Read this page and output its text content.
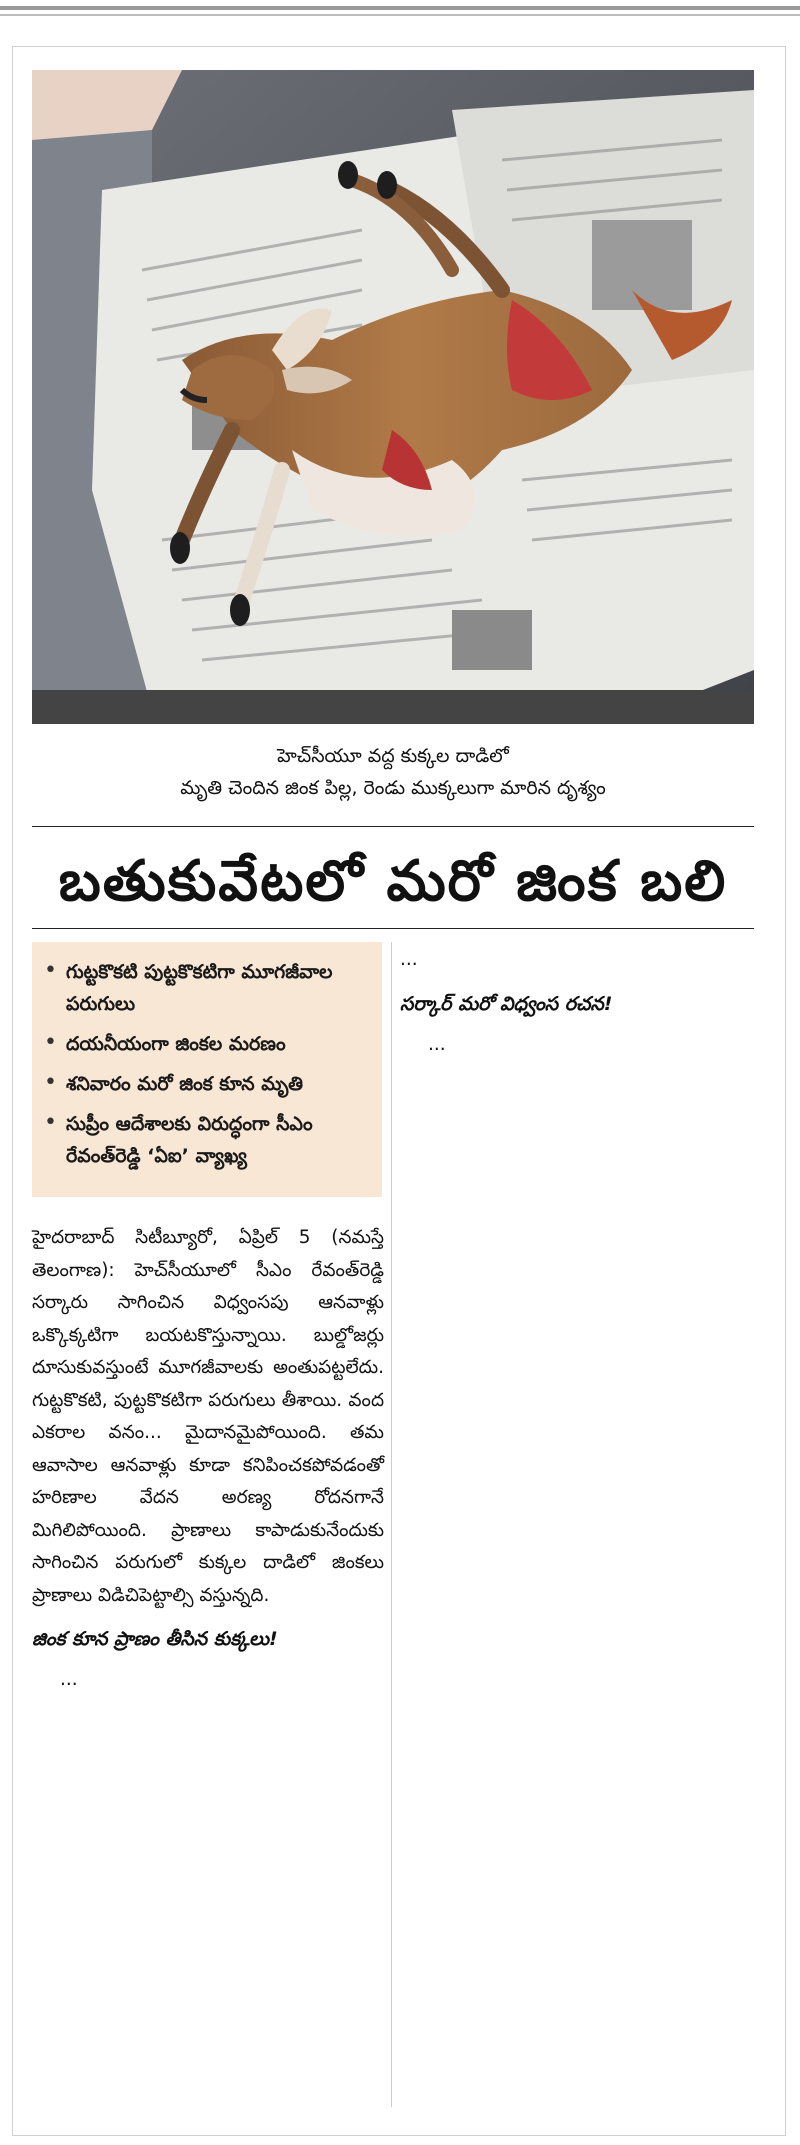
హెచ్‌సీయూ వద్ద కుక్కల దాడిలో
మృతి చెందిన జింక పిల్ల, రెండు ముక్కలుగా మారిన దృశ్యం
బతుకువేటలో మరో జింక బలి
• గుట్టకొకటి పుట్టకొకటిగా మూగజీవాల పరుగులు
• దయనీయంగా జింకల మరణం
• శనివారం మరో జింక కూన మృతి
• సుప్రీం ఆదేశాలకు విరుద్ధంగా సీఎం రేవంత్‌రెడ్డి ‘ఏఐ’ వ్యాఖ్య

హైదరాబాద్ సిటీబ్యూరో, ఏప్రిల్ 5 (నమస్తే తెలంగాణ): హెచ్‌సీయూలో సీఎం రేవంత్‌రెడ్డి సర్కారు సాగించిన విధ్వంసపు ఆనవాళ్లు ఒక్కొక్కటిగా బయటకొస్తున్నాయి. బుల్డోజర్లు దూసుకువస్తుంటే మూగజీవాలకు అంతుపట్టలేదు. గుట్టకొకటి, పుట్టకొకటిగా పరుగులు తీశాయి. వంద ఎకరాల వనం... మైదానమైపోయింది. తమ ఆవాసాల ఆనవాళ్లు కూడా కనిపించకపోవడంతో హరిణాల వేదన అరణ్య రోదనగానే మిగిలిపోయింది. ప్రాణాలు కాపాడుకునేందుకు సాగించిన పరుగులో కుక్కల దాడిలో జింకలు ప్రాణాలు విడిచిపెట్టాల్సి వస్తున్నది.

జింక కూన ప్రాణం తీసిన కుక్కలు!

...

...

సర్కార్ మరో విధ్వంస రచన!

...
